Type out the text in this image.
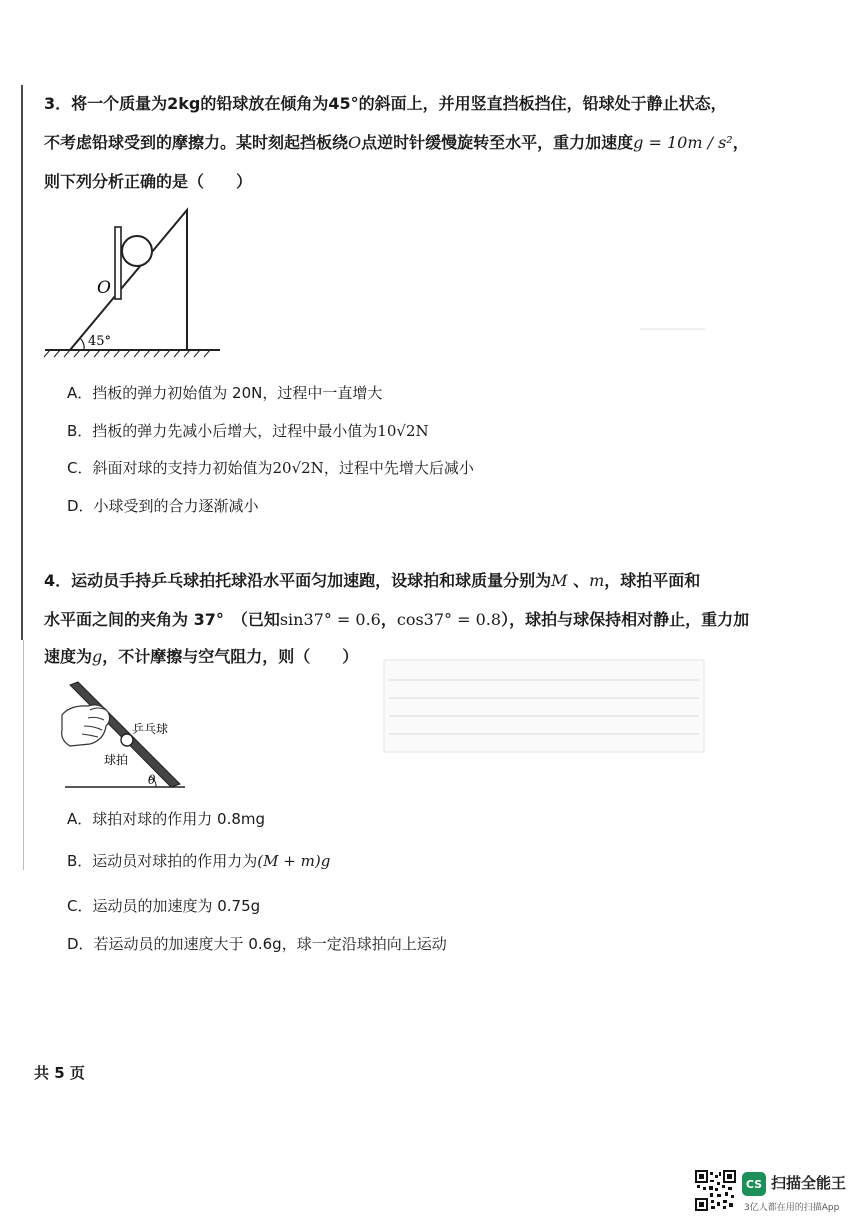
3．将一个质量为2kg的铅球放在倾角为45°的斜面上，并用竖直挡板挡住，铅球处于静止状态，
不考虑铅球受到的摩擦力。某时刻起挡板绕O点逆时针缓慢旋转至水平，重力加速度g = 10m / s²，
则下列分析正确的是（　　）
O
45°
A．挡板的弹力初始值为 20N，过程中一直增大
B．挡板的弹力先减小后增大，过程中最小值为10√2N
C．斜面对球的支持力初始值为20√2N，过程中先增大后减小
D．小球受到的合力逐渐减小
4．运动员手持乒乓球拍托球沿水平面匀加速跑，设球拍和球质量分别为M 、m，球拍平面和
水平面之间的夹角为 37°　（已知sin37° = 0.6，cos37° = 0.8），球拍与球保持相对静止，重力加
速度为g，不计摩擦与空气阻力，则（　　）
乒乓球
球拍
θ
A．球拍对球的作用力 0.8mg
B．运动员对球拍的作用力为(M + m)g
C．运动员的加速度为 0.75g
D．若运动员的加速度大于 0.6g，球一定沿球拍向上运动
共 5 页
CS 扫描全能王
3亿人都在用的扫描App
